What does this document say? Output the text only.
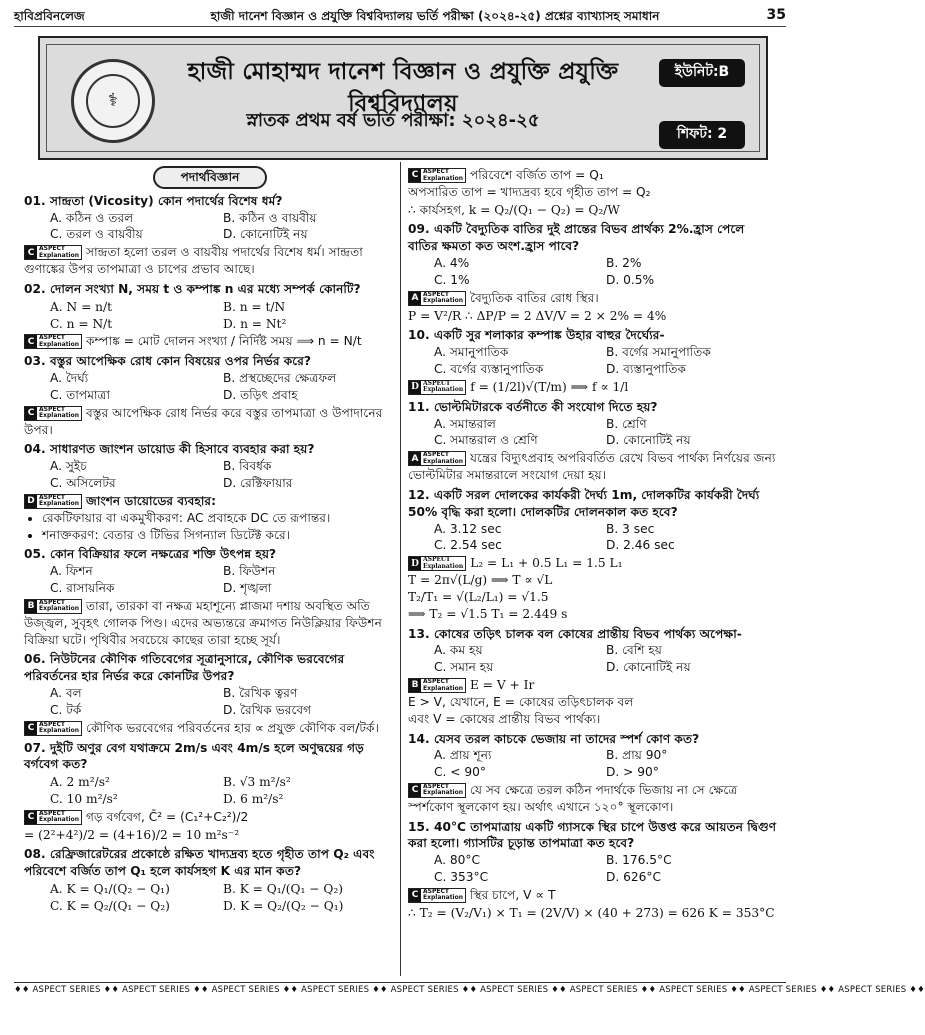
হাবিপ্রবিনলেজ	হাজী দানেশ বিজ্ঞান ও প্রযুক্তি বিশ্ববিদ্যালয় ভর্তি পরীক্ষা (২০২৪-২৫) প্রশ্নের ব্যাখ্যাসহ সমাধান	35
⚕
হাজী মোহাম্মদ দানেশ বিজ্ঞান ও প্রযুক্তি প্রযুক্তি বিশ্ববিদ্যালয়
স্নাতক প্রথম বর্ষ ভর্তি পরীক্ষা: ২০২৪-২৫
ইউনিট:B
শিফট: 2
পদার্থবিজ্ঞান
01. সান্দ্রতা (Vicosity) কোন পদার্থের বিশেষ ধর্ম?
A. কঠিন ও তরল	B. কঠিন ও বায়বীয়
C. তরল ও বায়বীয়	D. কোনোটিই নয়
C ASPECT
Explanation সান্দ্রতা হলো তরল ও বায়বীয় পদার্থের বিশেষ ধর্ম। সান্দ্রতা গুণাঙ্কের উপর তাপমাত্রা ও চাপের প্রভাব আছে।
02. দোলন সংখ্যা N, সময় t ও কম্পাঙ্ক n এর মধ্যে সম্পর্ক কোনটি?
A. N = n/t	B. n = t/N
C. n = N/t	D. n = Nt²
C ASPECT
Explanation কম্পাঙ্ক = মোট দোলন সংখ্যা / নির্দিষ্ট সময় ⟹ n = N/t
03. বস্তুর আপেক্ষিক রোধ কোন বিষয়ের ওপর নির্ভর করে?
A. দৈর্ঘ্য	B. প্রস্থচ্ছেদের ক্ষেত্রফল
C. তাপমাত্রা	D. তড়িৎ প্রবাহ
C ASPECT
Explanation বস্তুর আপেক্ষিক রোধ নির্ভর করে বস্তুর তাপমাত্রা ও উপাদানের উপর।
04. সাধারণত জাংশন ডায়োড কী হিসাবে ব্যবহার করা হয়?
A. সুইচ	B. বিবর্ধক
C. অসিলেটর	D. রেক্টিফায়ার
D ASPECT
Explanation জাংশন ডায়োডের ব্যবহার:
• রেকটিফায়ার বা একমুখীকরণ: AC প্রবাহকে DC তে রূপান্তর।
• শনাক্তকরণ: বেতার ও টিভির সিগন্যাল ডিটেক্ট করে।
05. কোন বিক্রিয়ার ফলে নক্ষত্রের শক্তি উৎপন্ন হয়?
A. ফিশন	B. ফিউশন
C. রাসায়নিক	D. শৃঙ্খলা
B ASPECT
Explanation তারা, তারকা বা নক্ষত্র মহাশূন্যে প্লাজমা দশায় অবস্থিত অতি উজ্জ্বল, সুবৃহৎ গোলক পিণ্ড। এদের অভ্যন্তরে ক্রমাগত নিউক্লিয়ার ফিউশন বিক্রিয়া ঘটে। পৃথিবীর সবচেয়ে কাছের তারা হচ্ছে সূর্য।
06. নিউটনের কৌণিক গতিবেগের সূত্রানুসারে, কৌণিক ভরবেগের পরিবর্তনের হার নির্ভর করে কোনটির উপর?
A. বল	B. রৈখিক ত্বরণ
C. টর্ক	D. রৈখিক ভরবেগ
C ASPECT
Explanation কৌণিক ভরবেগের পরিবর্তনের হার ∝ প্রযুক্ত কৌণিক বল/টর্ক।
07. দুইটি অণুর বেগ যথাক্রমে 2m/s এবং 4m/s হলে অণুদ্বয়ের গড় বর্গবেগ কত?
A. 2 m²/s²	B. √3 m²/s²
C. 10 m²/s²	D. 6 m²/s²
C ASPECT
Explanation গড় বর্গবেগ, C̄² = (C₁²+C₂²)/2
= (2²+4²)/2 = (4+16)/2 = 10 m²s⁻²
08. রেফ্রিজারেটরের প্রকোষ্ঠে রক্ষিত খাদ্যদ্রব্য হতে গৃহীত তাপ Q₂ এবং পরিবেশে বর্জিত তাপ Q₁ হলে কার্যসহগ K এর মান কত?
A. K = Q₁/(Q₂ − Q₁)	B. K = Q₁/(Q₁ − Q₂)
C. K = Q₂/(Q₁ − Q₂)	D. K = Q₂/(Q₂ − Q₁)
C ASPECT
Explanation পরিবেশে বর্জিত তাপ = Q₁
অপসারিত তাপ = খাদ্যদ্রব্য হবে গৃহীত তাপ = Q₂
∴ কার্যসহগ, k = Q₂/(Q₁ − Q₂) = Q₂/W
09. একটি বৈদ্যুতিক বাতির দুই প্রান্তের বিভব প্রার্থক্য 2%.হ্রাস পেলে বাতির ক্ষমতা কত অংশ.হ্রাস পাবে?
A. 4%	B. 2%
C. 1%	D. 0.5%
A ASPECT
Explanation বৈদ্যুতিক বাতির রোধ স্থির।
P = V²/R ∴ ΔP/P = 2 ΔV/V = 2 × 2% = 4%
10. একটি সুর শলাকার কম্পাঙ্ক উহার বাহুর দৈর্ঘ্যের-
A. সমানুপাতিক	B. বর্গের সমানুপাতিক
C. বর্গের ব্যস্তানুপাতিক	D. ব্যস্তানুপাতিক
D ASPECT
Explanation f = (1/2l)√(T/m) ⟹ f ∝ 1/l
11. ভোল্টমিটারকে বর্তনীতে কী সংযোগ দিতে হয়?
A. সমান্তরাল	B. শ্রেণি
C. সমান্তরাল ও শ্রেণি	D. কোনোটিই নয়
A ASPECT
Explanation যন্ত্রের বিদ্যুৎপ্রবাহ অপরিবর্তিত রেখে বিভব পার্থক্য নির্ণয়ের জন্য ভোল্টমিটার সমান্তরালে সংযোগ দেয়া হয়।
12. একটি সরল দোলকের কার্যকরী দৈর্ঘ্য 1m, দোলকটির কার্যকরী দৈর্ঘ্য 50% বৃদ্ধি করা হলো। দোলকটির দোলনকাল কত হবে?
A. 3.12 sec	B. 3 sec
C. 2.54 sec	D. 2.46 sec
D ASPECT
Explanation L₂ = L₁ + 0.5 L₁ = 1.5 L₁
T = 2π√(L/g) ⟹ T ∝ √L
T₂/T₁ = √(L₂/L₁) = √1.5
⟹ T₂ = √1.5 T₁ = 2.449 s
13. কোষের তড়িৎ চালক বল কোষের প্রান্তীয় বিভব পার্থক্য অপেক্ষা-
A. কম হয়	B. বেশি হয়
C. সমান হয়	D. কোনোটিই নয়
B ASPECT
Explanation E = V + Ir
E > V, যেখানে, E = কোষের তড়িৎচালক বল
এবং V = কোষের প্রান্তীয় বিভব পার্থক্য।
14. যেসব তরল কাচকে ভেজায় না তাদের স্পর্শ কোণ কত?
A. প্রায় শূন্য	B. প্রায় 90°
C. < 90°	D. > 90°
C ASPECT
Explanation যে সব ক্ষেত্রে তরল কঠিন পদার্থকে ভিজায় না সে ক্ষেত্রে স্পর্শকোণ স্থূলকোণ হয়। অর্থাৎ এখানে ১২০° স্থূলকোণ।
15. 40°C তাপমাত্রায় একটি গ্যাসকে স্থির চাপে উত্তপ্ত করে আয়তন দ্বিগুণ করা হলো। গ্যাসটির চূড়ান্ত তাপমাত্রা কত হবে?
A. 80°C	B. 176.5°C
C. 353°C	D. 626°C
C ASPECT
Explanation স্থির চাপে, V ∝ T
∴ T₂ = (V₂/V₁) × T₁ = (2V/V) × (40 + 273) = 626 K = 353°C
♦♦ ASPECT SERIES ♦♦ ASPECT SERIES ♦♦ ASPECT SERIES ♦♦ ASPECT SERIES ♦♦ ASPECT SERIES ♦♦ ASPECT SERIES ♦♦ ASPECT SERIES ♦♦ ASPECT SERIES ♦♦ ASPECT SERIES ♦♦ ASPECT SERIES ♦♦
